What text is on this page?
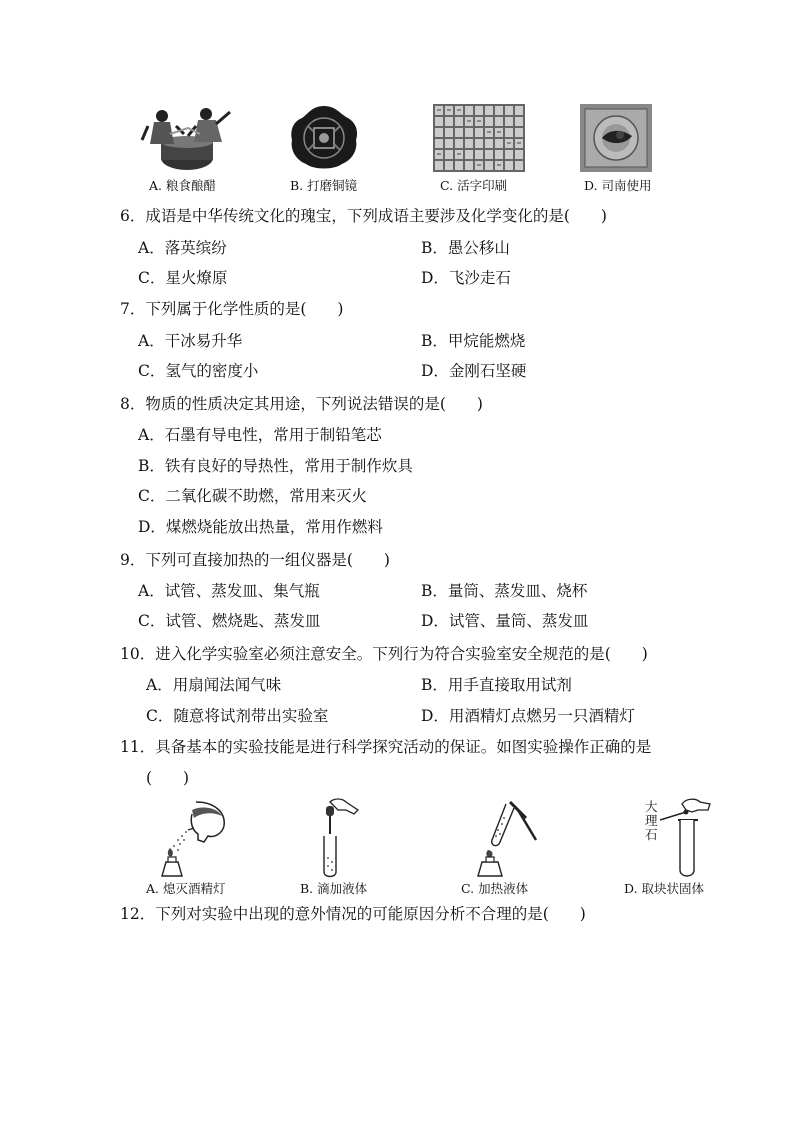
A. 粮食酿醋	B. 打磨铜镜	C. 活字印刷	D. 司南使用
6．成语是中华传统文化的瑰宝，下列成语主要涉及化学变化的是(　　)
A．落英缤纷	B．愚公移山
C．星火燎原	D．飞沙走石
7．下列属于化学性质的是(　　)
A．干冰易升华	B．甲烷能燃烧
C．氢气的密度小	D．金刚石坚硬
8．物质的性质决定其用途，下列说法错误的是(　　)
A．石墨有导电性，常用于制铅笔芯
B．铁有良好的导热性，常用于制作炊具
C．二氧化碳不助燃，常用来灭火
D．煤燃烧能放出热量，常用作燃料
9．下列可直接加热的一组仪器是(　　)
A．试管、蒸发皿、集气瓶	B．量筒、蒸发皿、烧杯
C．试管、燃烧匙、蒸发皿	D．试管、量筒、蒸发皿
10．进入化学实验室必须注意安全。下列行为符合实验室安全规范的是(　　)
A．用扇闻法闻气味	B．用手直接取用试剂
C．随意将试剂带出实验室	D．用酒精灯点燃另一只酒精灯
11．具备基本的实验技能是进行科学探究活动的保证。如图实验操作正确的是
(　　)
大
理
石
A. 熄灭酒精灯	B. 滴加液体	C. 加热液体	D. 取块状固体
12．下列对实验中出现的意外情况的可能原因分析不合理的是(　　)
